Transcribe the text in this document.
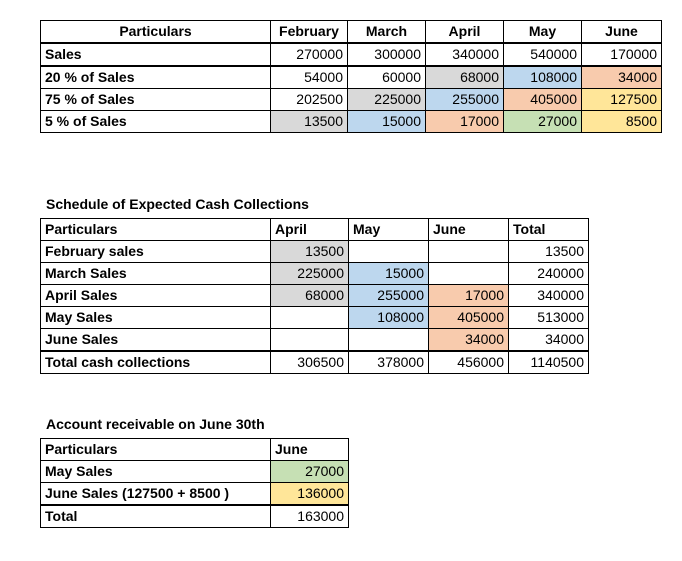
Particulars	February	March	April	May	June
Sales	270000	300000	340000	540000	170000
20 % of Sales	54000	60000	68000	108000	34000
75 % of Sales	202500	225000	255000	405000	127500
5 % of Sales	13500	15000	17000	27000	8500
Schedule of Expected Cash Collections
Particulars	April	May	June	Total
February sales	13500			13500
March Sales	225000	15000		240000
April Sales	68000	255000	17000	340000
May Sales		108000	405000	513000
June Sales			34000	34000
Total cash collections	306500	378000	456000	1140500
Account receivable on June 30th
Particulars	June
May Sales	27000
June Sales (127500 + 8500 )	136000
Total	163000
